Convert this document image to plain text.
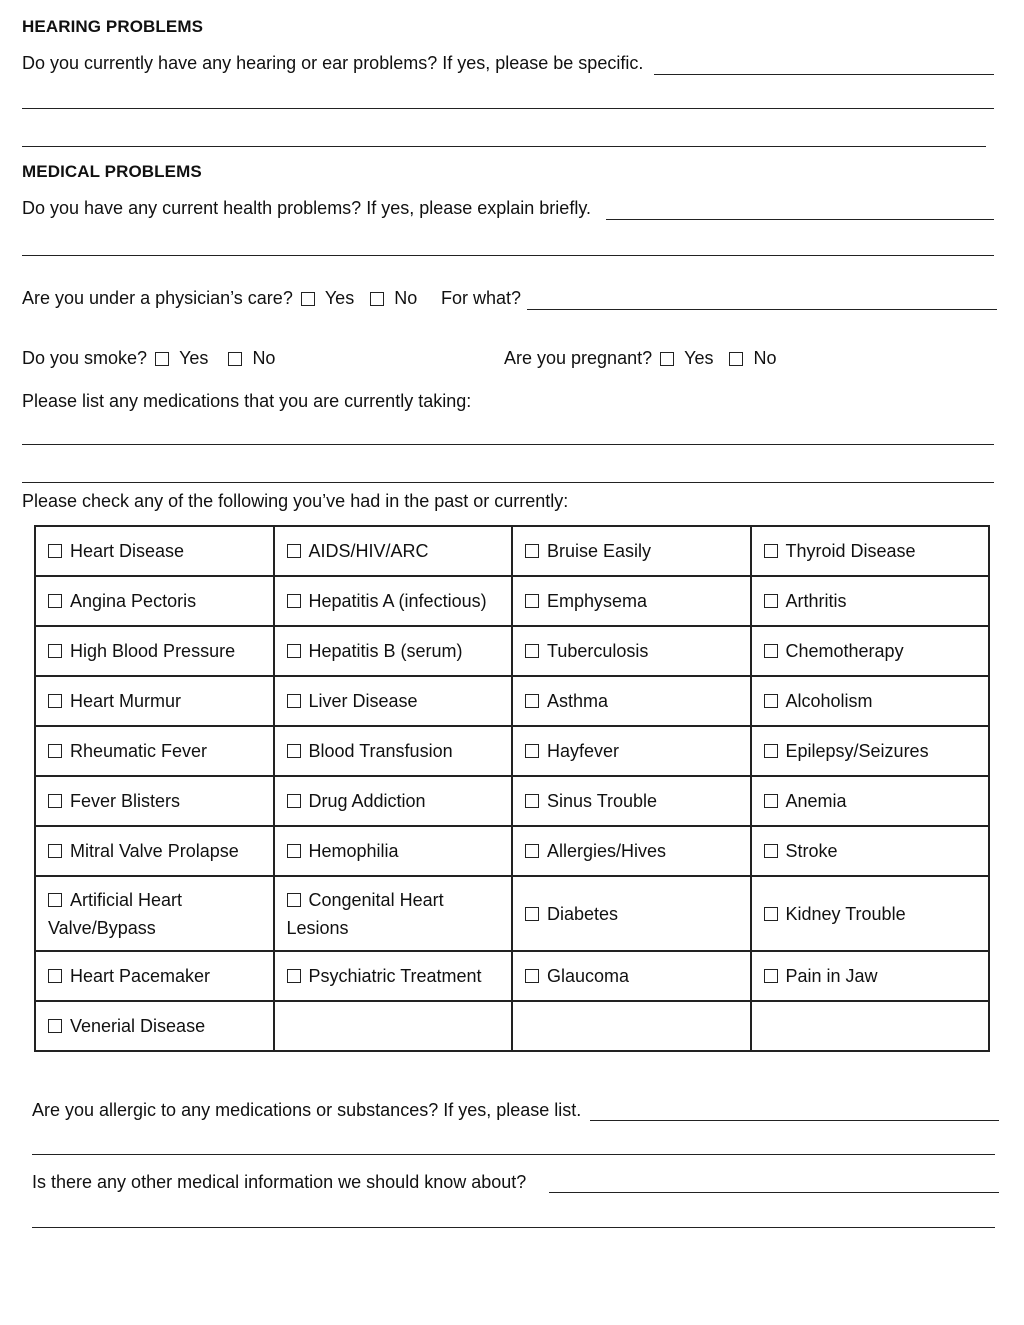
HEARING PROBLEMS
Do you currently have any hearing or ear problems? If yes, please be specific.
MEDICAL PROBLEMS
Do you have any current health problems? If yes, please explain briefly.
Are you under a physician’s care? Yes No For what?
Do you smoke? Yes No	Are you pregnant? Yes No
Please list any medications that you are currently taking:
Please check any of the following you’ve had in the past or currently:
Heart Disease	AIDS/HIV/ARC	Bruise Easily	Thyroid Disease
Angina Pectoris	Hepatitis A (infectious)	Emphysema	Arthritis
High Blood Pressure	Hepatitis B (serum)	Tuberculosis	Chemotherapy
Heart Murmur	Liver Disease	Asthma	Alcoholism
Rheumatic Fever	Blood Transfusion	Hayfever	Epilepsy/Seizures
Fever Blisters	Drug Addiction	Sinus Trouble	Anemia
Mitral Valve Prolapse	Hemophilia	Allergies/Hives	Stroke
Artificial Heart Valve/Bypass	Congenital Heart Lesions	Diabetes	Kidney Trouble
Heart Pacemaker	Psychiatric Treatment	Glaucoma	Pain in Jaw
Venerial Disease			
Are you allergic to any medications or substances? If yes, please list.
Is there any other medical information we should know about?
